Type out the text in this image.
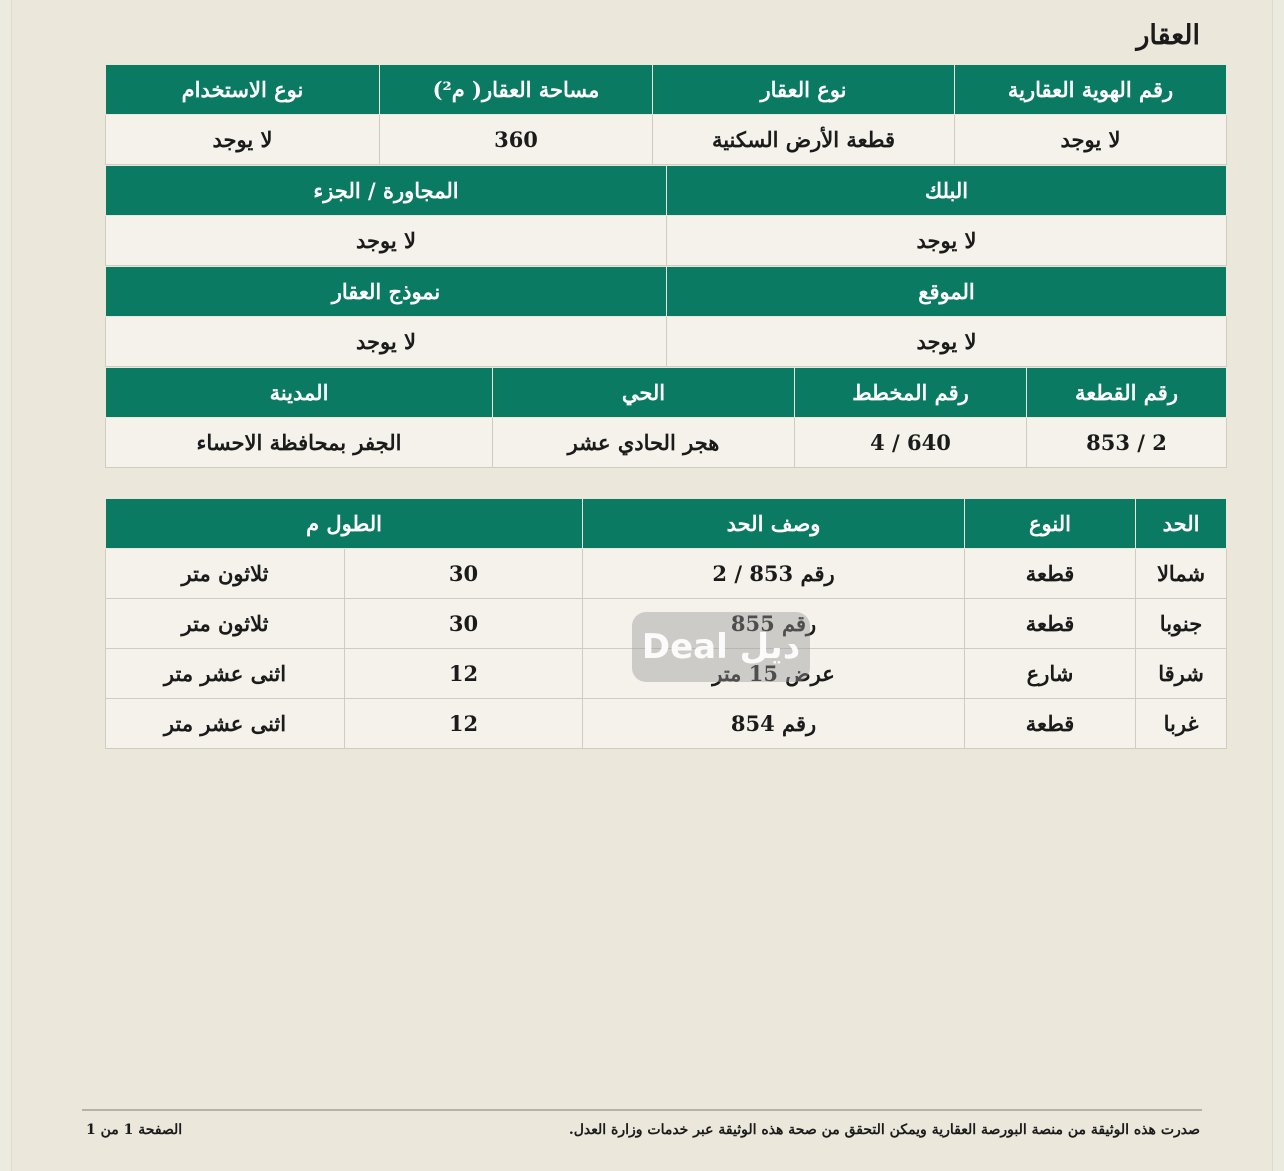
العقار
رقم الهوية العقارية	نوع العقار	مساحة العقار( م²)	نوع الاستخدام
لا يوجد	قطعة الأرض السكنية	360	لا يوجد
البلك	المجاورة / الجزء
لا يوجد	لا يوجد
الموقع	نموذج العقار
لا يوجد	لا يوجد
رقم القطعة	رقم المخطط	الحي	المدينة
853 / 2	4 / 640	هجر الحادي عشر	الجفر بمحافظة الاحساء
الحد	النوع	وصف الحد	الطول م	
شمالا	قطعة	رقم 853 / 2	30	ثلاثون متر
جنوبا	قطعة	رقم 855	30	ثلاثون متر
شرقا	شارع	عرض 15 متر	12	اثنى عشر متر
غربا	قطعة	رقم 854	12	اثنى عشر متر
Deal ديل
صدرت هذه الوثيقة من منصة البورصة العقارية ويمكن التحقق من صحة هذه الوثيقة عبر خدمات وزارة العدل.
الصفحة 1 من 1
